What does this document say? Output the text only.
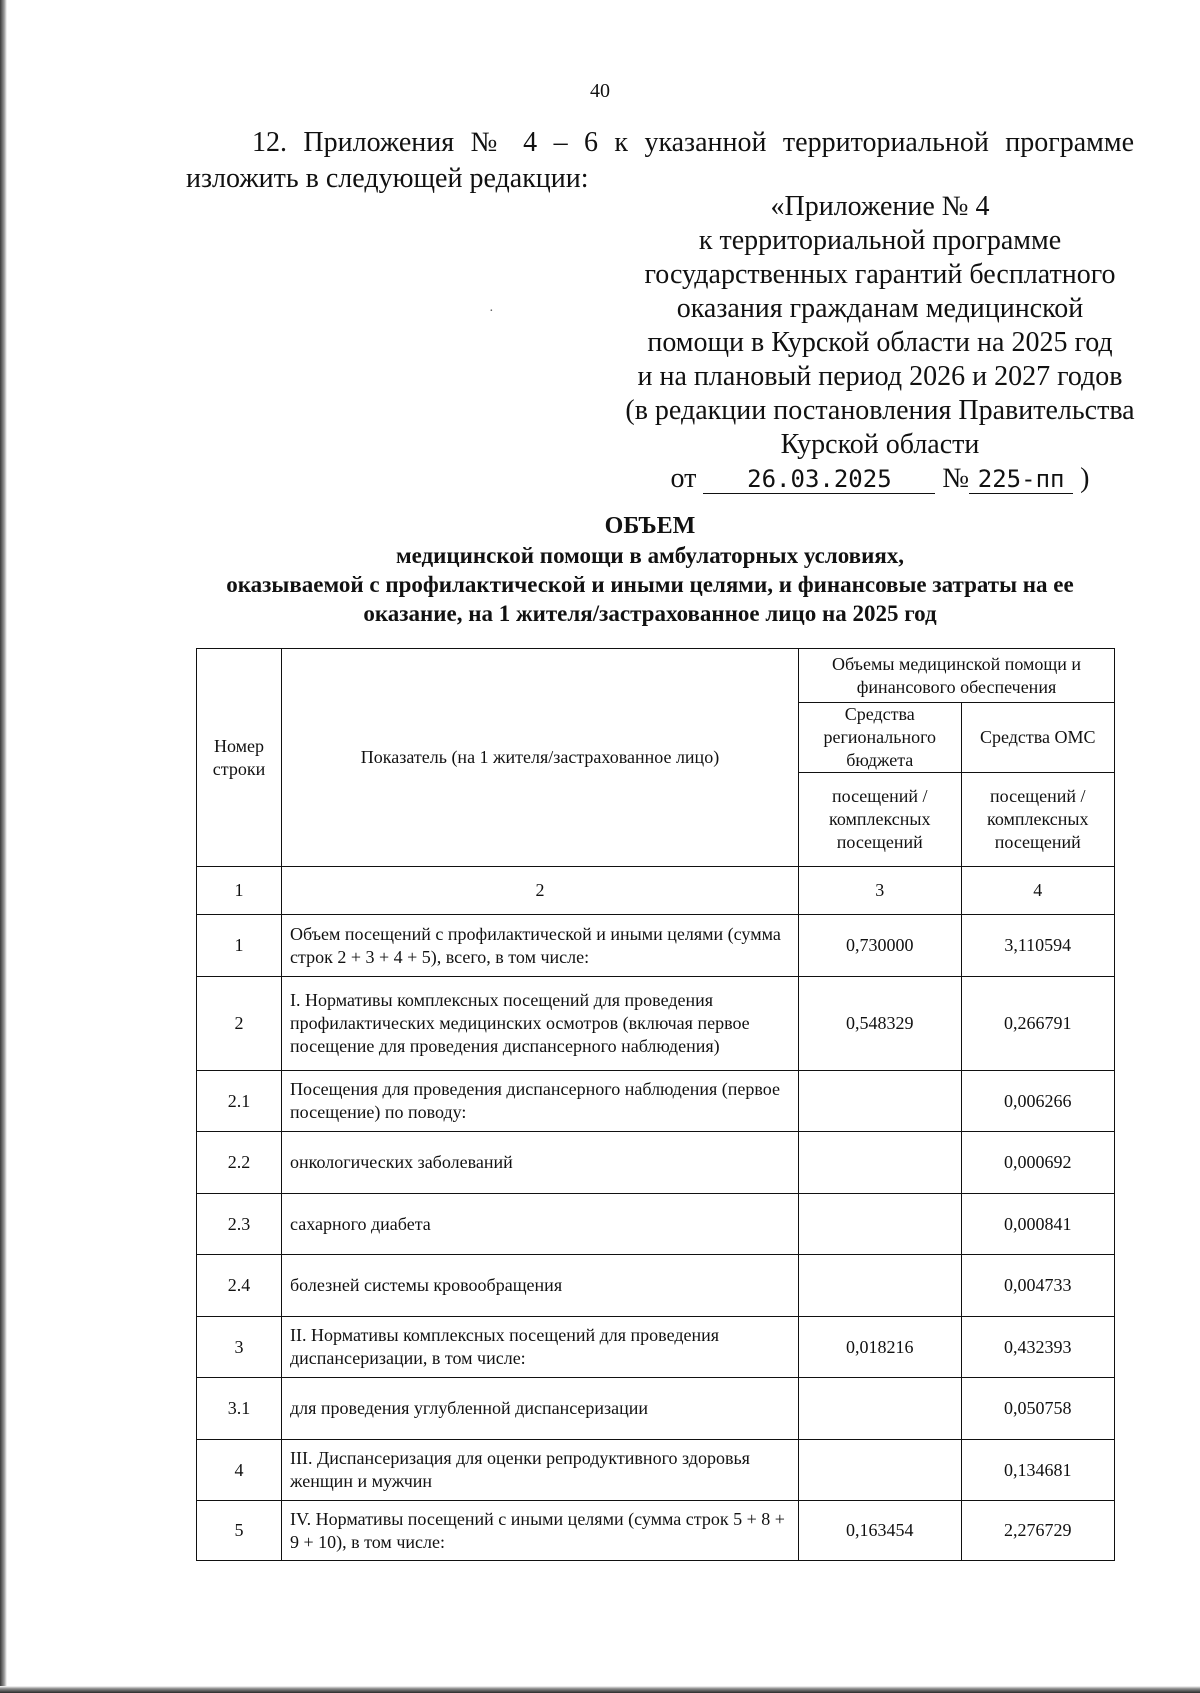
40
12. Приложения № 4 – 6 к указанной территориальной программе
изложить в следующей редакции:
·
«Приложение № 4
к территориальной программе
государственных гарантий бесплатного
оказания гражданам медицинской
помощи в Курской области на 2025 год
и на плановый период 2026 и 2027 годов
(в редакции постановления Правительства
Курской области
от 26.03.2025 № 225-пп )
ОБЪЕМ
медицинской помощи в амбулаторных условиях,
оказываемой с профилактической и иными целями, и финансовые затраты на ее
оказание, на 1 жителя/застрахованное лицо на 2025 год
Номер строки	Показатель (на 1 жителя/застрахованное лицо)	Объемы медицинской помощи и финансового обеспечения	
		Средства регионального бюджета	Средства ОМС
		посещений / комплексных посещений	посещений / комплексных посещений
1	2	3	4
1	Объем посещений с профилактической и иными целями (сумма строк 2 + 3 + 4 + 5), всего, в том числе:	0,730000	3,110594
2	I. Нормативы комплексных посещений для проведения профилактических медицинских осмотров (включая первое посещение для проведения диспансерного наблюдения)	0,548329	0,266791
2.1	Посещения для проведения диспансерного наблюдения (первое посещение) по поводу:		0,006266
2.2	онкологических заболеваний		0,000692
2.3	сахарного диабета		0,000841
2.4	болезней системы кровообращения		0,004733
3	II. Нормативы комплексных посещений для проведения диспансеризации, в том числе:	0,018216	0,432393
3.1	для проведения углубленной диспансеризации		0,050758
4	III. Диспансеризация для оценки репродуктивного здоровья женщин и мужчин		0,134681
5	IV. Нормативы посещений с иными целями (сумма строк 5 + 8 + 9 + 10), в том числе:	0,163454	2,276729
